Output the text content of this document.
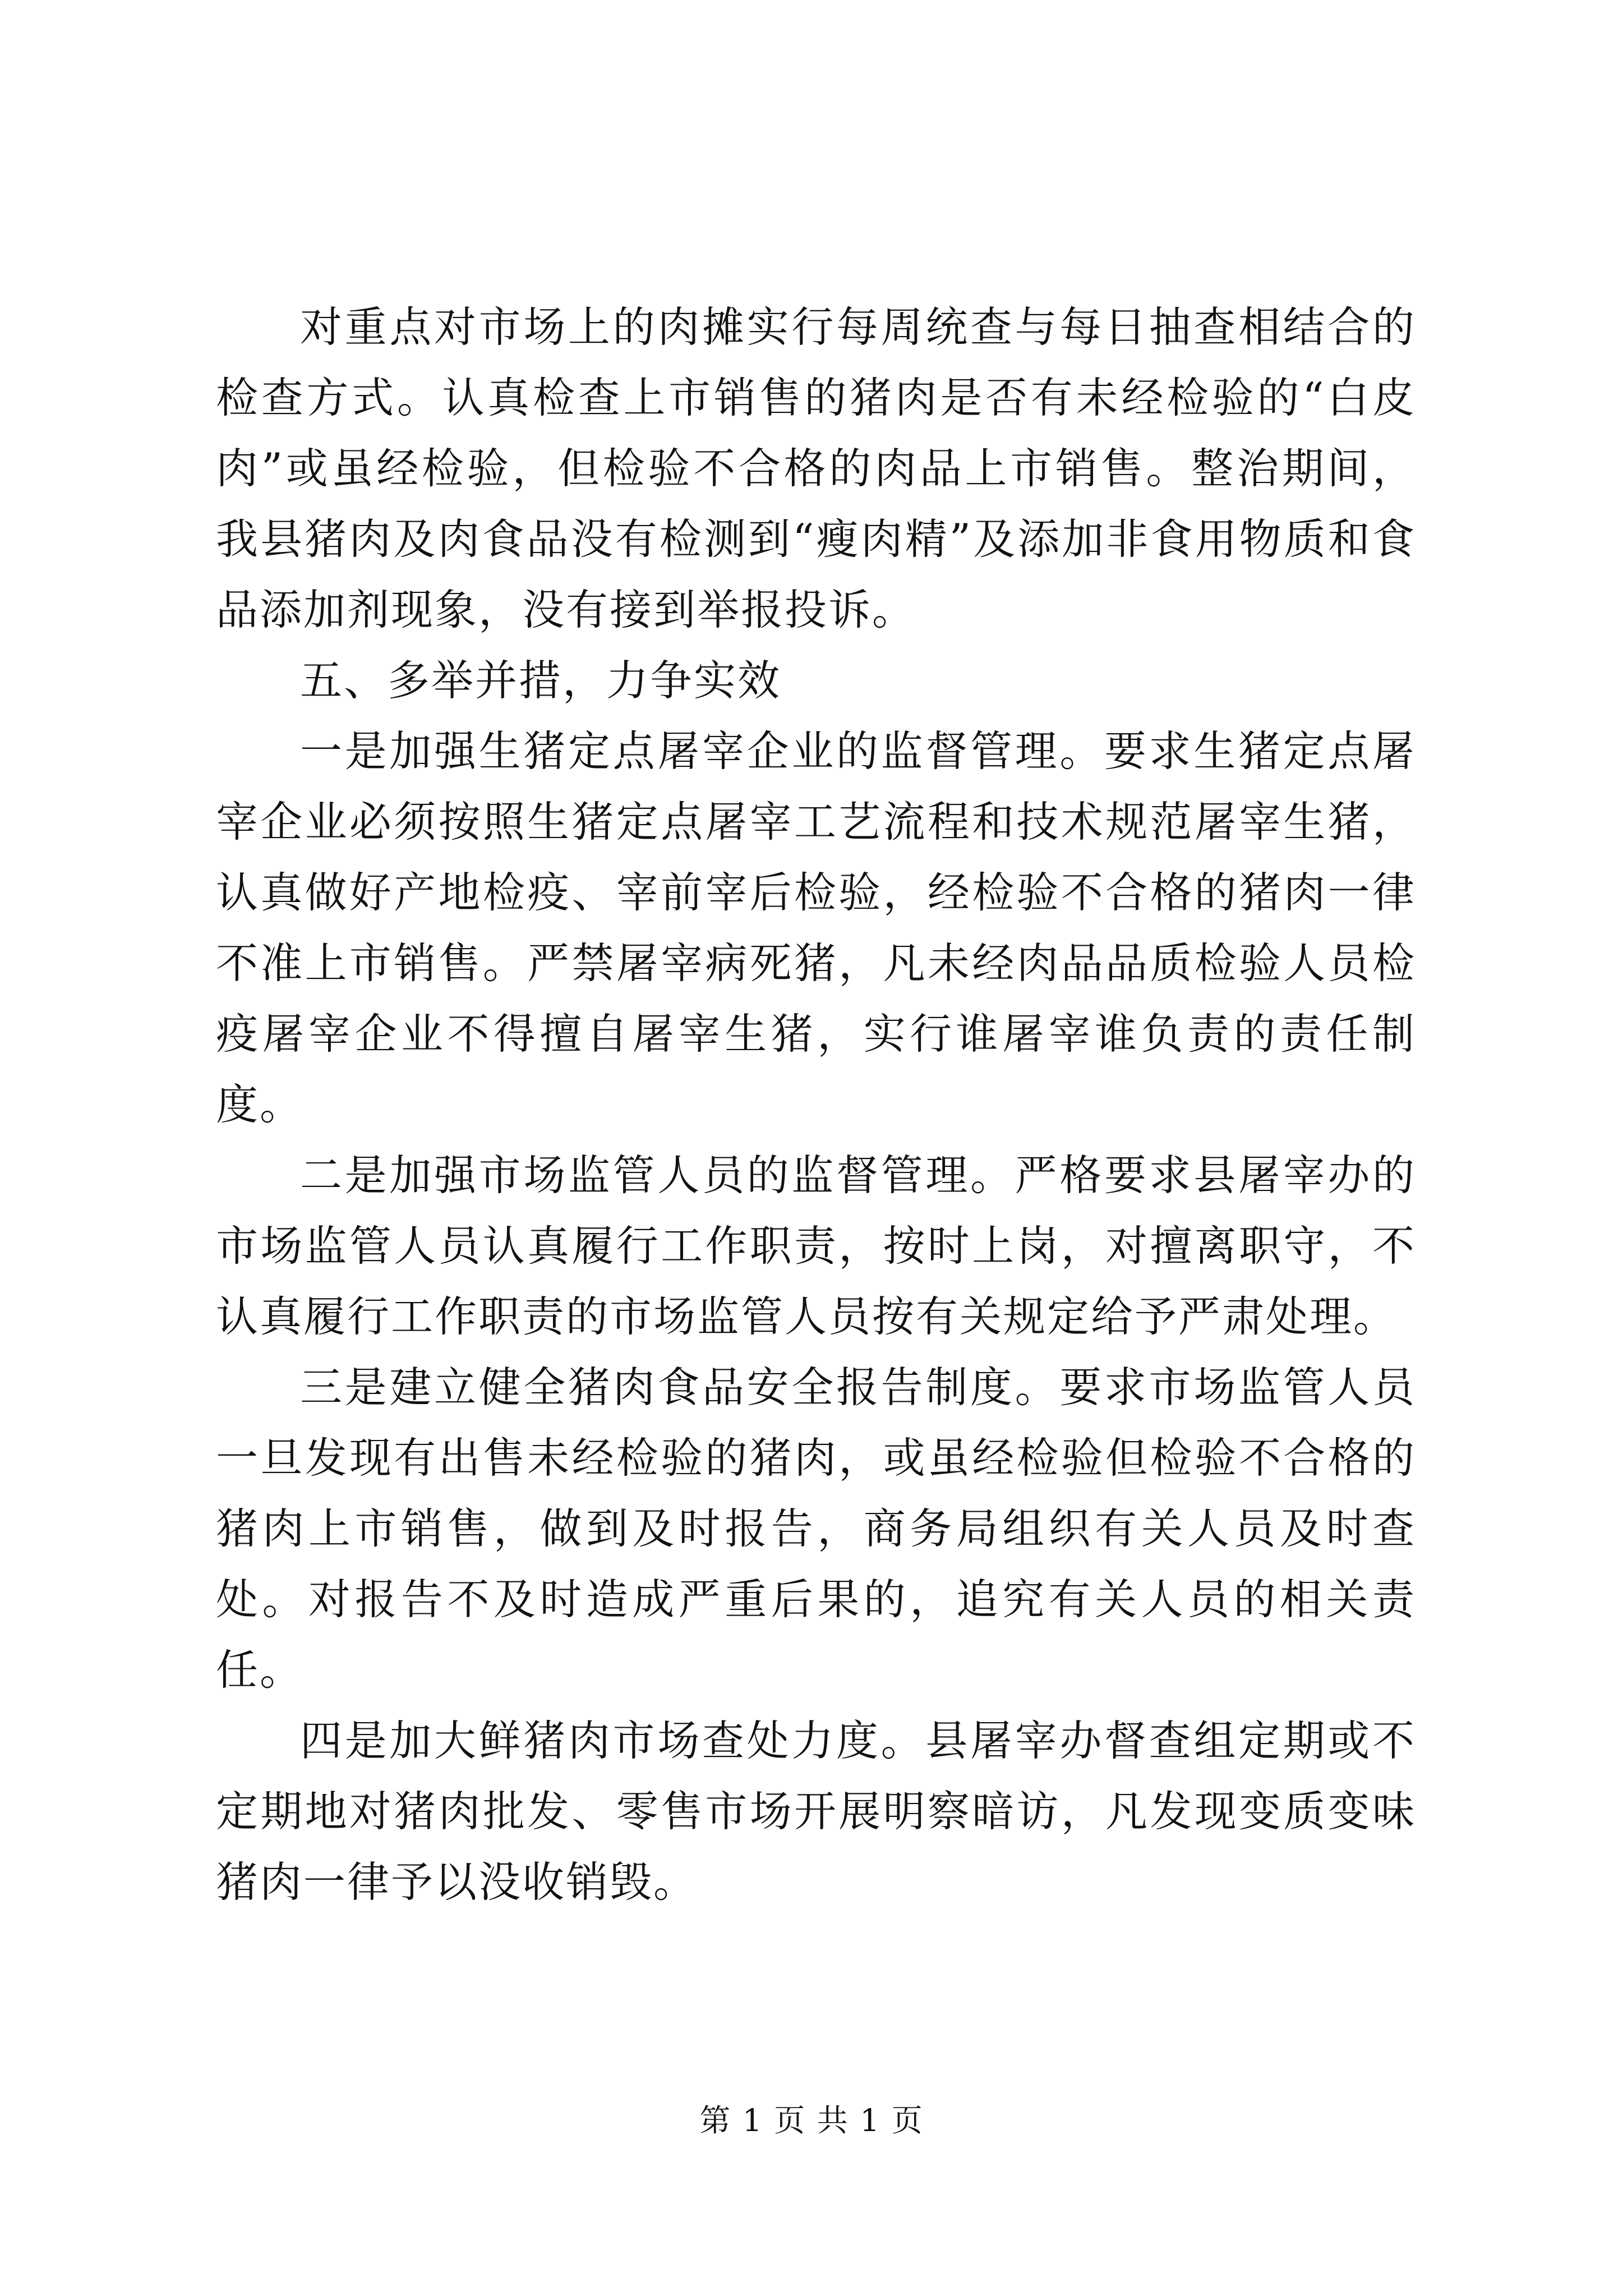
对重点对市场上的肉摊实行每周统查与每日抽查相结合的检查方式。认真检查上市销售的猪肉是否有未经检验的“白皮肉”或虽经检验，但检验不合格的肉品上市销售。整治期间，我县猪肉及肉食品没有检测到“瘦肉精”及添加非食用物质和食品添加剂现象，没有接到举报投诉。

五、多举并措，力争实效

一是加强生猪定点屠宰企业的监督管理。要求生猪定点屠宰企业必须按照生猪定点屠宰工艺流程和技术规范屠宰生猪，认真做好产地检疫、宰前宰后检验，经检验不合格的猪肉一律不准上市销售。严禁屠宰病死猪，凡未经肉品品质检验人员检疫屠宰企业不得擅自屠宰生猪，实行谁屠宰谁负责的责任制度。

二是加强市场监管人员的监督管理。严格要求县屠宰办的市场监管人员认真履行工作职责，按时上岗，对擅离职守，不认真履行工作职责的市场监管人员按有关规定给予严肃处理。

三是建立健全猪肉食品安全报告制度。要求市场监管人员一旦发现有出售未经检验的猪肉，或虽经检验但检验不合格的猪肉上市销售，做到及时报告，商务局组织有关人员及时查处。对报告不及时造成严重后果的，追究有关人员的相关责任。

四是加大鲜猪肉市场查处力度。县屠宰办督查组定期或不定期地对猪肉批发、零售市场开展明察暗访，凡发现变质变味猪肉一律予以没收销毁。

第 1 页 共 1 页
